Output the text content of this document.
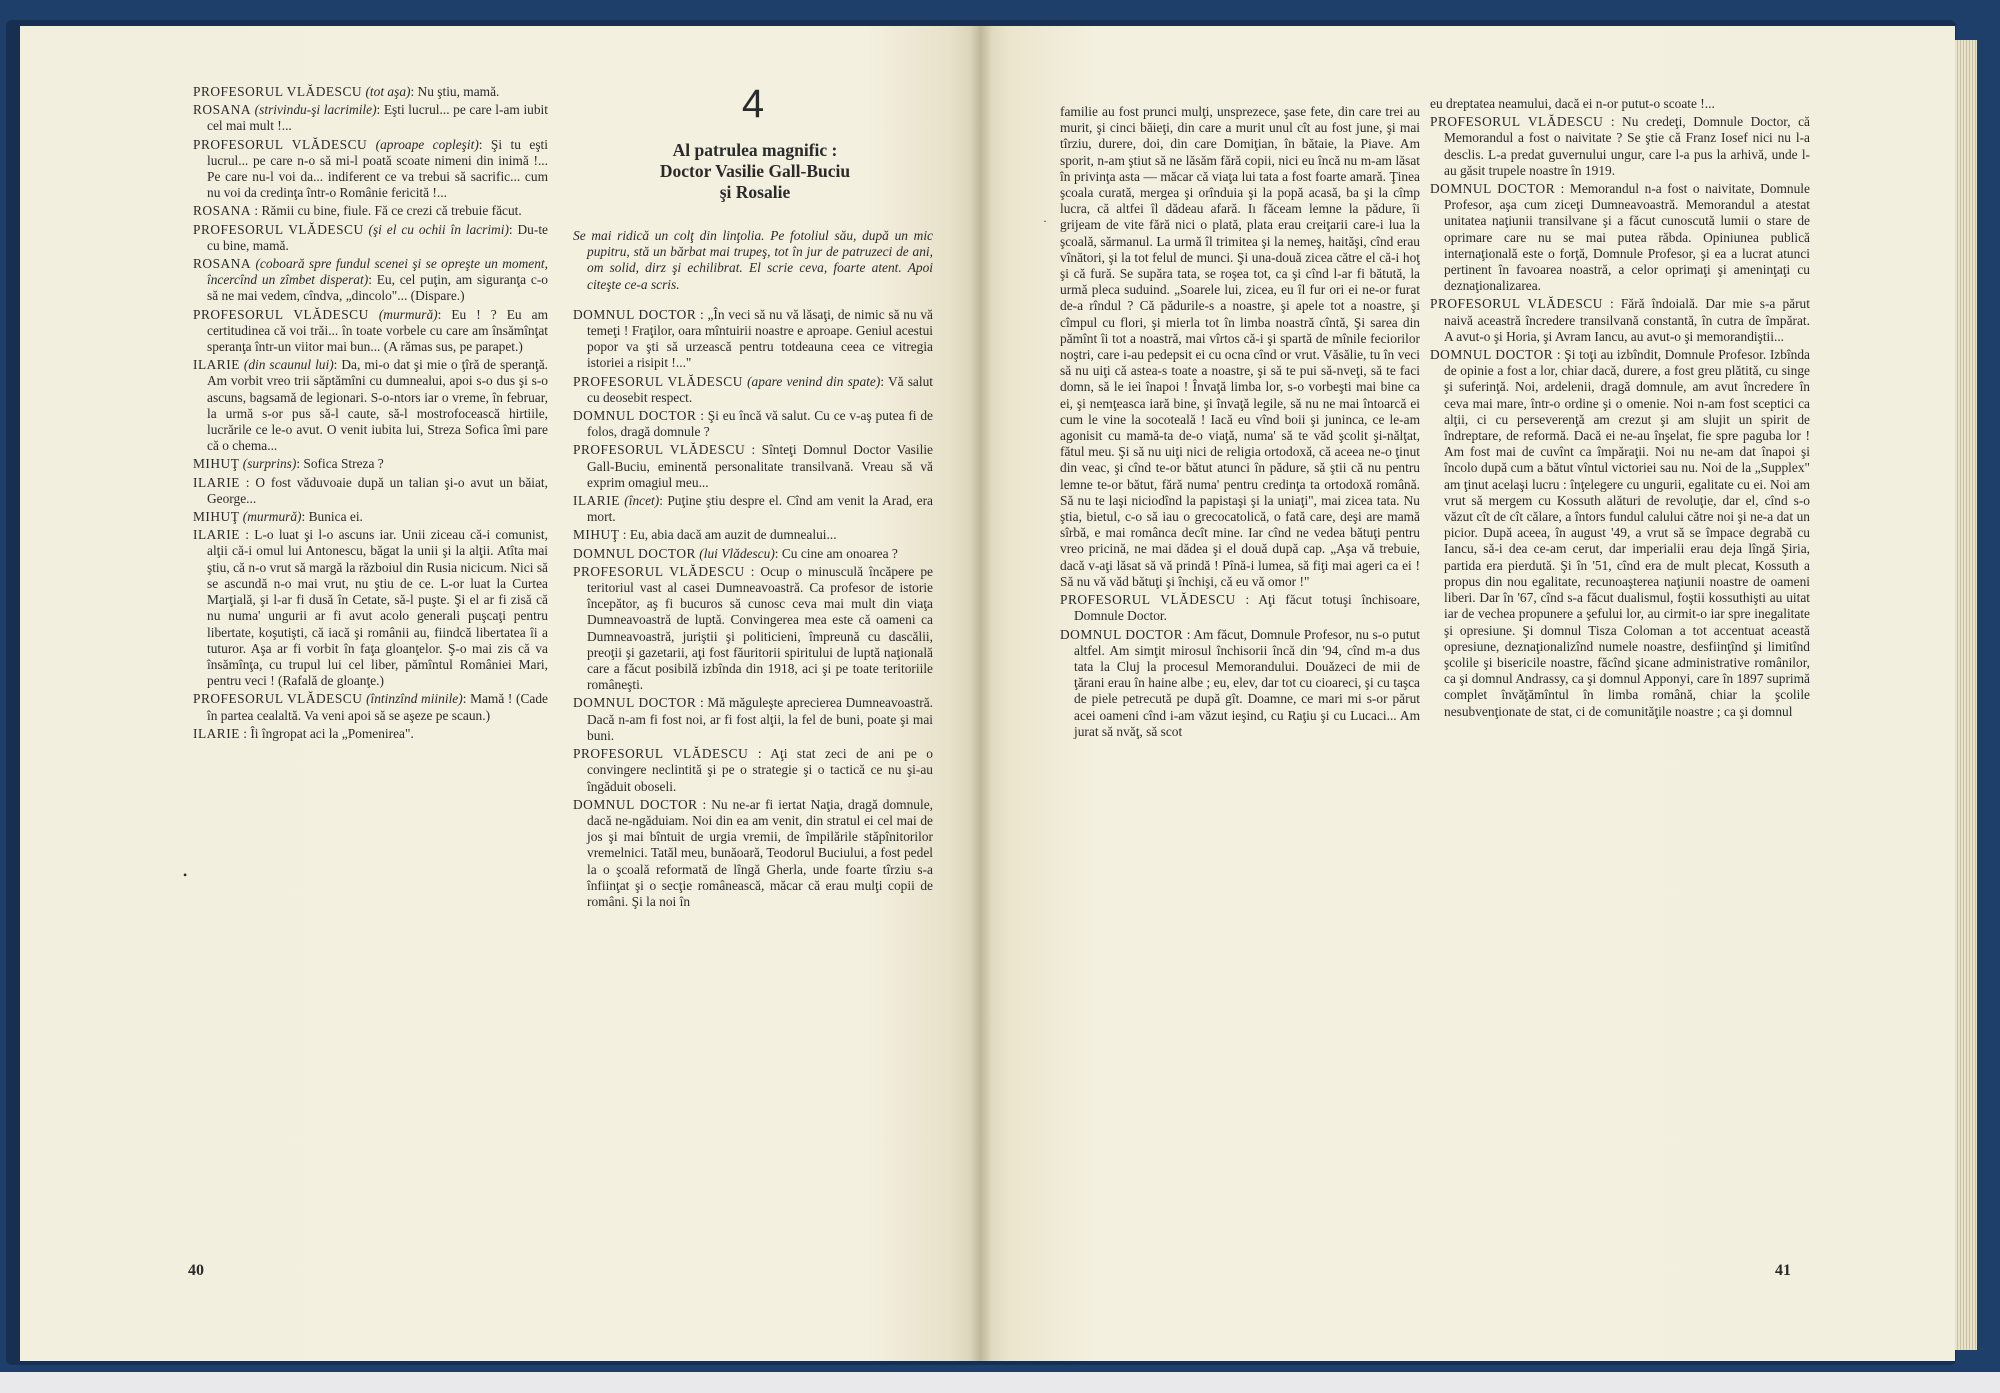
PROFESORUL VLĂDESCU (tot aşa): Nu ştiu, mamă.

ROSANA (strivindu-şi lacrimile): Eşti lucrul... pe care l-am iubit cel mai mult !...

PROFESORUL VLĂDESCU (aproape copleşit): Şi tu eşti lucrul... pe care n-o să mi-l poată scoate nimeni din inimă !... Pe care nu-l voi da... indiferent ce va trebui să sacrific... cum nu voi da credinţa într-o Românie fericită !...

ROSANA : Rămii cu bine, fiule. Fă ce crezi că trebuie făcut.

PROFESORUL VLĂDESCU (şi el cu ochii în lacrimi): Du-te cu bine, mamă.

ROSANA (coboară spre fundul scenei şi se opreşte un moment, încercînd un zîmbet disperat): Eu, cel puţin, am siguranţa c-o să ne mai vedem, cîndva, „dincolo"... (Dispare.)

PROFESORUL VLĂDESCU (murmură): Eu ! ? Eu am certitudinea că voi trăi... în toate vorbele cu care am însămînţat speranţa într-un viitor mai bun... (A rămas sus, pe parapet.)

ILARIE (din scaunul lui): Da, mi-o dat şi mie o ţîră de speranţă. Am vorbit vreo trii săptămîni cu dumnealui, apoi s-o dus şi s-o ascuns, bagsamă de legionari. S-o-ntors iar o vreme, în februar, la urmă s-or pus să-l caute, să-l mostrofocească hirtiile, lucrările ce le-o avut. O venit iubita lui, Streza Sofica îmi pare că o chema...

MIHUŢ (surprins): Sofica Streza ?

ILARIE : O fost văduvoaie după un talian şi-o avut un băiat, George...

MIHUŢ (murmură): Bunica ei.

ILARIE : L-o luat şi l-o ascuns iar. Unii ziceau că-i comunist, alţii că-i omul lui Antonescu, băgat la unii şi la alţii. Atîta mai ştiu, că n-o vrut să margă la războiul din Rusia nicicum. Nici să se ascundă n-o mai vrut, nu ştiu de ce. L-or luat la Curtea Marţială, şi l-ar fi dusă în Cetate, să-l puşte. Şi el ar fi zisă că nu numa' ungurii ar fi avut acolo generali puşcaţi pentru libertate, koşutişti, că iacă şi românii au, fiindcă libertatea îi a tuturor. Aşa ar fi vorbit în faţa gloanţelor. Ş-o mai zis că va însămînţa, cu trupul lui cel liber, pămîntul României Mari, pentru veci ! (Rafală de gloanţe.)

PROFESORUL VLĂDESCU (întinzînd miinile): Mamă ! (Cade în partea cealaltă. Va veni apoi să se aşeze pe scaun.)

ILARIE : Îi îngropat aci la „Pomenirea".

4
Al patrulea magnific :
Doctor Vasilie Gall-Buciu
şi Rosalie

Se mai ridică un colţ din linţolia. Pe fotoliul său, după un mic pupitru, stă un bărbat mai trupeş, tot în jur de patruzeci de ani, om solid, dirz şi echilibrat. El scrie ceva, foarte atent. Apoi citeşte ce-a scris.

DOMNUL DOCTOR : „În veci să nu vă lăsaţi, de nimic să nu vă temeţi ! Fraţilor, oara mîntuirii noastre e aproape. Geniul acestui popor va şti să urzească pentru totdeauna ceea ce vitregia istoriei a risipit !..."

PROFESORUL VLĂDESCU (apare venind din spate): Vă salut cu deosebit respect.

DOMNUL DOCTOR : Şi eu încă vă salut. Cu ce v-aş putea fi de folos, dragă domnule ?

PROFESORUL VLĂDESCU : Sînteţi Domnul Doctor Vasilie Gall-Buciu, eminentă personalitate transilvană. Vreau să vă exprim omagiul meu...

ILARIE (încet): Puţine ştiu despre el. Cînd am venit la Arad, era mort.

MIHUŢ : Eu, abia dacă am auzit de dumnealui...

DOMNUL DOCTOR (lui Vlădescu): Cu cine am onoarea ?

PROFESORUL VLĂDESCU : Ocup o minusculă încăpere pe teritoriul vast al casei Dumneavoastră. Ca profesor de istorie începător, aş fi bucuros să cunosc ceva mai mult din viaţa Dumneavoastră de luptă. Convingerea mea este că oameni ca Dumneavoastră, juriştii şi politicieni, împreună cu dascălii, preoţii şi gazetarii, aţi fost făuritorii spiritului de luptă naţională care a făcut posibilă izbînda din 1918, aci şi pe toate teritoriile româneşti.

DOMNUL DOCTOR : Mă măguleşte aprecierea Dumneavoastră. Dacă n-am fi fost noi, ar fi fost alţii, la fel de buni, poate şi mai buni.

PROFESORUL VLĂDESCU : Aţi stat zeci de ani pe o convingere neclintită şi pe o strategie şi o tactică ce nu şi-au îngăduit oboseli.

DOMNUL DOCTOR : Nu ne-ar fi iertat Naţia, dragă domnule, dacă ne-ngăduiam. Noi din ea am venit, din stratul ei cel mai de jos şi mai bîntuit de urgia vremii, de împilările stăpînitorilor vremelnici. Tatăl meu, bunăoară, Teodorul Buciului, a fost pedel la o şcoală reformată de lîngă Gherla, unde foarte tîrziu s-a înfiinţat şi o secţie românească, măcar că erau mulţi copii de români. Şi la noi în

familie au fost prunci mulţi, unsprezece, şase fete, din care trei au murit, şi cinci băieţi, din care a murit unul cît au fost june, şi mai tîrziu, durere, doi, din care Domiţian, în bătaie, la Piave. Am sporit, n-am ştiut să ne lăsăm fără copii, nici eu încă nu m-am lăsat în privinţa asta — măcar că viaţa lui tata a fost foarte amară. Ţinea şcoala curată, mergea şi orînduia şi la popă acasă, ba şi la cîmp lucra, că altfei îl dădeau afară. Iı făceam lemne la pădure, îi grijeam de vite fără nici o plată, plata erau creiţarii care-i lua la şcoală, sărmanul. La urmă îl trimitea şi la nemeş, haităşi, cînd erau vînători, şi la tot felul de munci. Şi una-două zicea către el că-i hoţ şi că fură. Se supăra tata, se roşea tot, ca şi cînd l-ar fi bătută, la urmă pleca suduind. „Soarele lui, zicea, eu îl fur ori ei ne-or furat de-a rîndul ? Că pădurile-s a noastre, şi apele tot a noastre, şi cîmpul cu flori, şi mierla tot în limba noastră cîntă, Şi sarea din pămînt îi tot a noastră, mai vîrtos că-i şi spartă de mînile feciorilor noştri, care i-au pedepsit ei cu ocna cînd or vrut. Văsălie, tu în veci să nu uiţi că astea-s toate a noastre, şi să te pui să-nveţi, să te faci domn, să le iei înapoi ! Învaţă limba lor, s-o vorbeşti mai bine ca ei, şi nemţeasca iară bine, şi învaţă legile, să nu ne mai întoarcă ei cum le vine la socoteală ! Iacă eu vînd boii şi juninca, ce le-am agonisit cu mamă-ta de-o viaţă, numa' să te văd şcolit şi-nălţat, fătul meu. Şi să nu uiţi nici de religia ortodoxă, că aceea ne-o ţinut din veac, şi cînd te-or bătut atunci în pădure, să ştii că nu pentru lemne te-or bătut, fără numa' pentru credinţa ta ortodoxă română. Să nu te laşi niciodînd la papistaşi şi la uniaţi", mai zicea tata. Nu ştia, bietul, c-o să iau o grecocatolică, o fată care, deşi are mamă sîrbă, e mai românca decît mine. Iar cînd ne vedea bătuţi pentru vreo pricină, ne mai dădea şi el două după cap. „Aşa vă trebuie, dacă v-aţi lăsat să vă prindă ! Pînă-i lumea, să fiţi mai ageri ca ei ! Să nu vă văd bătuţi şi închişi, că eu vă omor !"

PROFESORUL VLĂDESCU : Aţi făcut totuşi închisoare, Domnule Doctor.

DOMNUL DOCTOR : Am făcut, Domnule Profesor, nu s-o putut altfel. Am simţit mirosul închisorii încă din '94, cînd m-a dus tata la Cluj la procesul Memorandului. Douăzeci de mii de ţărani erau în haine albe ; eu, elev, dar tot cu cioareci, şi cu taşca de piele petrecută pe după gît. Doamne, ce mari mi s-or părut acei oameni cînd i-am văzut ieşind, cu Raţiu şi cu Lucaci... Am jurat să nvăţ, să scot

eu dreptatea neamului, dacă ei n-or putut-o scoate !...

PROFESORUL VLĂDESCU : Nu credeţi, Domnule Doctor, că Memorandul a fost o naivitate ? Se ştie că Franz Iosef nici nu l-a desclis. L-a predat guvernului ungur, care l-a pus la arhivă, unde l-au găsit trupele noastre în 1919.

DOMNUL DOCTOR : Memorandul n-a fost o naivitate, Domnule Profesor, aşa cum ziceţi Dumneavoastră. Memorandul a atestat unitatea naţiunii transilvane şi a făcut cunoscută lumii o stare de oprimare care nu se mai putea răbda. Opiniunea publică internaţională este o forţă, Domnule Profesor, şi ea a lucrat atunci pertinent în favoarea noastră, a celor oprimaţi şi ameninţaţi cu deznaţionalizarea.

PROFESORUL VLĂDESCU : Fără îndoială. Dar mie s-a părut naivă aceastră încredere transilvană constantă, în cutra de împărat. A avut-o şi Horia, şi Avram Iancu, au avut-o şi memorandiştii...

DOMNUL DOCTOR : Şi toţi au izbîndit, Domnule Profesor. Izbînda de opinie a fost a lor, chiar dacă, durere, a fost greu plătită, cu singe şi suferinţă. Noi, ardelenii, dragă domnule, am avut încredere în ceva mai mare, într-o ordine şi o omenie. Noi n-am fost sceptici ca alţii, ci cu perseverenţă am crezut şi am slujit un spirit de îndreptare, de reformă. Dacă ei ne-au înşelat, fie spre paguba lor ! Am fost mai de cuvînt ca împăraţii. Noi nu ne-am dat înapoi şi încolo după cum a bătut vîntul victoriei sau nu. Noi de la „Supplex" am ţinut acelaşi lucru : înţelegere cu ungurii, egalitate cu ei. Noi am vrut să mergem cu Kossuth alături de revoluţie, dar el, cînd s-o văzut cît de cît călare, a întors fundul calului către noi şi ne-a dat un picior. După aceea, în august '49, a vrut să se împace degrabă cu Iancu, să-i dea ce-am cerut, dar imperialii erau deja lîngă Şiria, partida era pierdută. Şi în '51, cînd era de mult plecat, Kossuth a propus din nou egalitate, recunoaşterea naţiunii noastre de oameni liberi. Dar în '67, cînd s-a făcut dualismul, foştii kossuthişti au uitat iar de vechea propunere a şefului lor, au cirmit-o iar spre inegalitate şi opresiune. Şi domnul Tisza Coloman a tot accentuat această opresiune, deznaţionalizînd numele noastre, desfiinţînd şi limitînd şcolile şi bisericile noastre, făcînd şicane administrative românilor, ca şi domnul Andrassy, ca şi domnul Apponyi, care în 1897 suprimă complet învăţămîntul în limba română, chiar la şcolile nesubvenţionate de stat, ci de comunităţile noastre ; ca şi domnul

•
·
40	41
